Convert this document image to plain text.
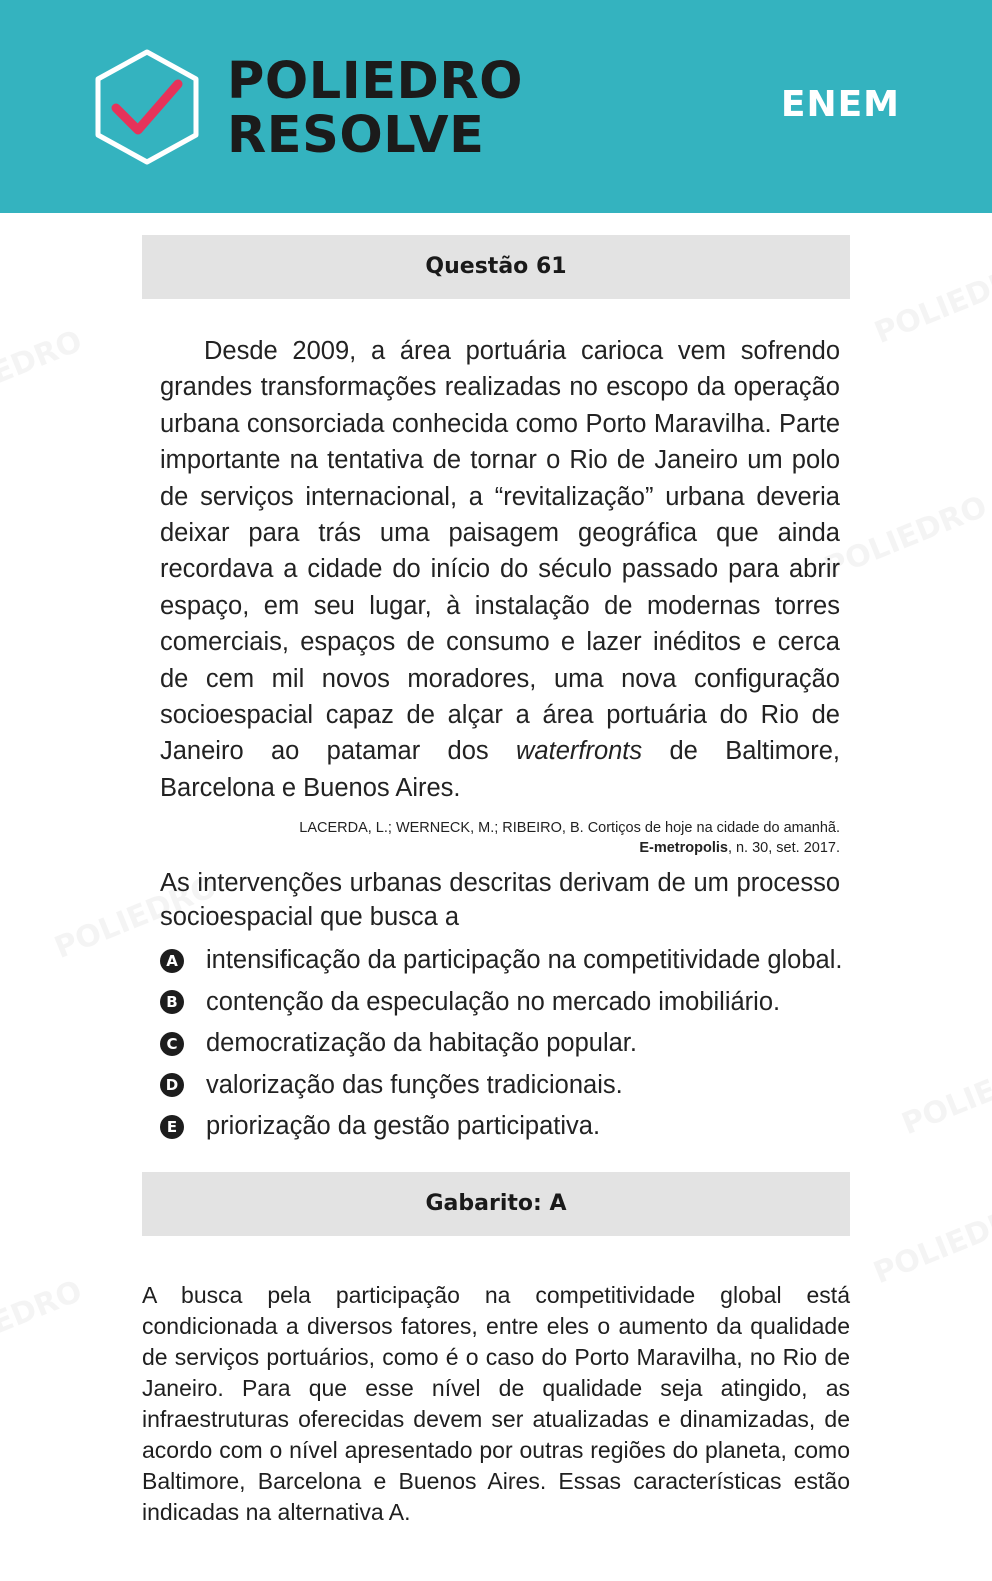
POLIEDRO
RESOLVE
ENEM
Questão 61

Desde 2009, a área portuária carioca vem sofrendo grandes transformações realizadas no escopo da operação urbana consorciada conhecida como Porto Maravilha. Parte importante na tentativa de tornar o Rio de Janeiro um polo de serviços internacional, a “revitalização” urbana deveria deixar para trás uma paisagem geográfica que ainda recordava a cidade do início do século passado para abrir espaço, em seu lugar, à instalação de modernas torres comerciais, espaços de consumo e lazer inéditos e cerca de cem mil novos moradores, uma nova configuração socioespacial capaz de alçar a área portuária do Rio de Janeiro ao patamar dos waterfronts de Baltimore, Barcelona e Buenos Aires.

LACERDA, L.; WERNECK, M.; RIBEIRO, B. Cortiços de hoje na cidade do amanhã.
E-metropolis, n. 30, set. 2017.
As intervenções urbanas descritas derivam de um processo socioespacial que busca a
A intensificação da participação na competitividade global.
B contenção da especulação no mercado imobiliário.
C democratização da habitação popular.
D valorização das funções tradicionais.
E priorização da gestão participativa.
Gabarito: A

A busca pela participação na competitividade global está condicionada a diversos fatores, entre eles o aumento da qualidade de serviços portuários, como é o caso do Porto Maravilha, no Rio de Janeiro. Para que esse nível de qualidade seja atingido, as infraestruturas oferecidas devem ser atualizadas e dinamizadas, de acordo com o nível apresentado por outras regiões do planeta, como Baltimore, Barcelona e Buenos Aires. Essas características estão indicadas na alternativa A.
